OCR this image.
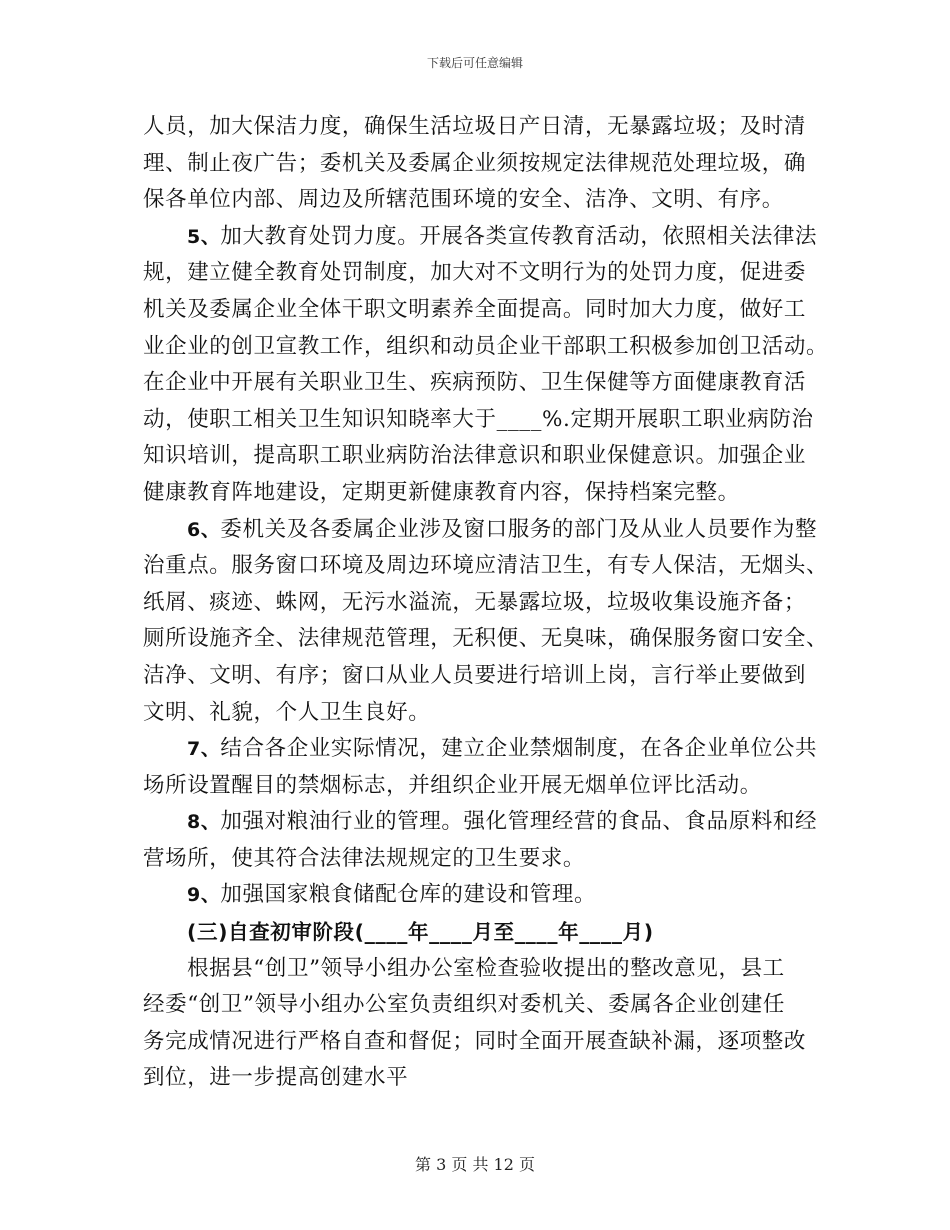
下载后可任意编辑
人员，加大保洁力度，确保生活垃圾日产日清，无暴露垃圾；及时清
理、制止夜广告；委机关及委属企业须按规定法律规范处理垃圾，确
保各单位内部、周边及所辖范围环境的安全、洁净、文明、有序。
5、加大教育处罚力度。开展各类宣传教育活动，依照相关法律法
规，建立健全教育处罚制度，加大对不文明行为的处罚力度，促进委
机关及委属企业全体干职文明素养全面提高。同时加大力度，做好工
业企业的创卫宣教工作，组织和动员企业干部职工积极参加创卫活动。
在企业中开展有关职业卫生、疾病预防、卫生保健等方面健康教育活
动，使职工相关卫生知识知晓率大于____%.定期开展职工职业病防治
知识培训，提高职工职业病防治法律意识和职业保健意识。加强企业
健康教育阵地建设，定期更新健康教育内容，保持档案完整。
6、委机关及各委属企业涉及窗口服务的部门及从业人员要作为整
治重点。服务窗口环境及周边环境应清洁卫生，有专人保洁，无烟头、
纸屑、痰迹、蛛网，无污水溢流，无暴露垃圾，垃圾收集设施齐备；
厕所设施齐全、法律规范管理，无积便、无臭味，确保服务窗口安全、
洁净、文明、有序；窗口从业人员要进行培训上岗，言行举止要做到
文明、礼貌，个人卫生良好。
7、结合各企业实际情况，建立企业禁烟制度，在各企业单位公共
场所设置醒目的禁烟标志，并组织企业开展无烟单位评比活动。
8、加强对粮油行业的管理。强化管理经营的食品、食品原料和经
营场所，使其符合法律法规规定的卫生要求。
9、加强国家粮食储配仓库的建设和管理。
(三)自查初审阶段(____年____月至____年____月)
根据县“创卫”领导小组办公室检查验收提出的整改意见，县工
经委“创卫”领导小组办公室负责组织对委机关、委属各企业创建任
务完成情况进行严格自查和督促；同时全面开展查缺补漏，逐项整改
到位，进一步提高创建水平
第 3 页 共 12 页
